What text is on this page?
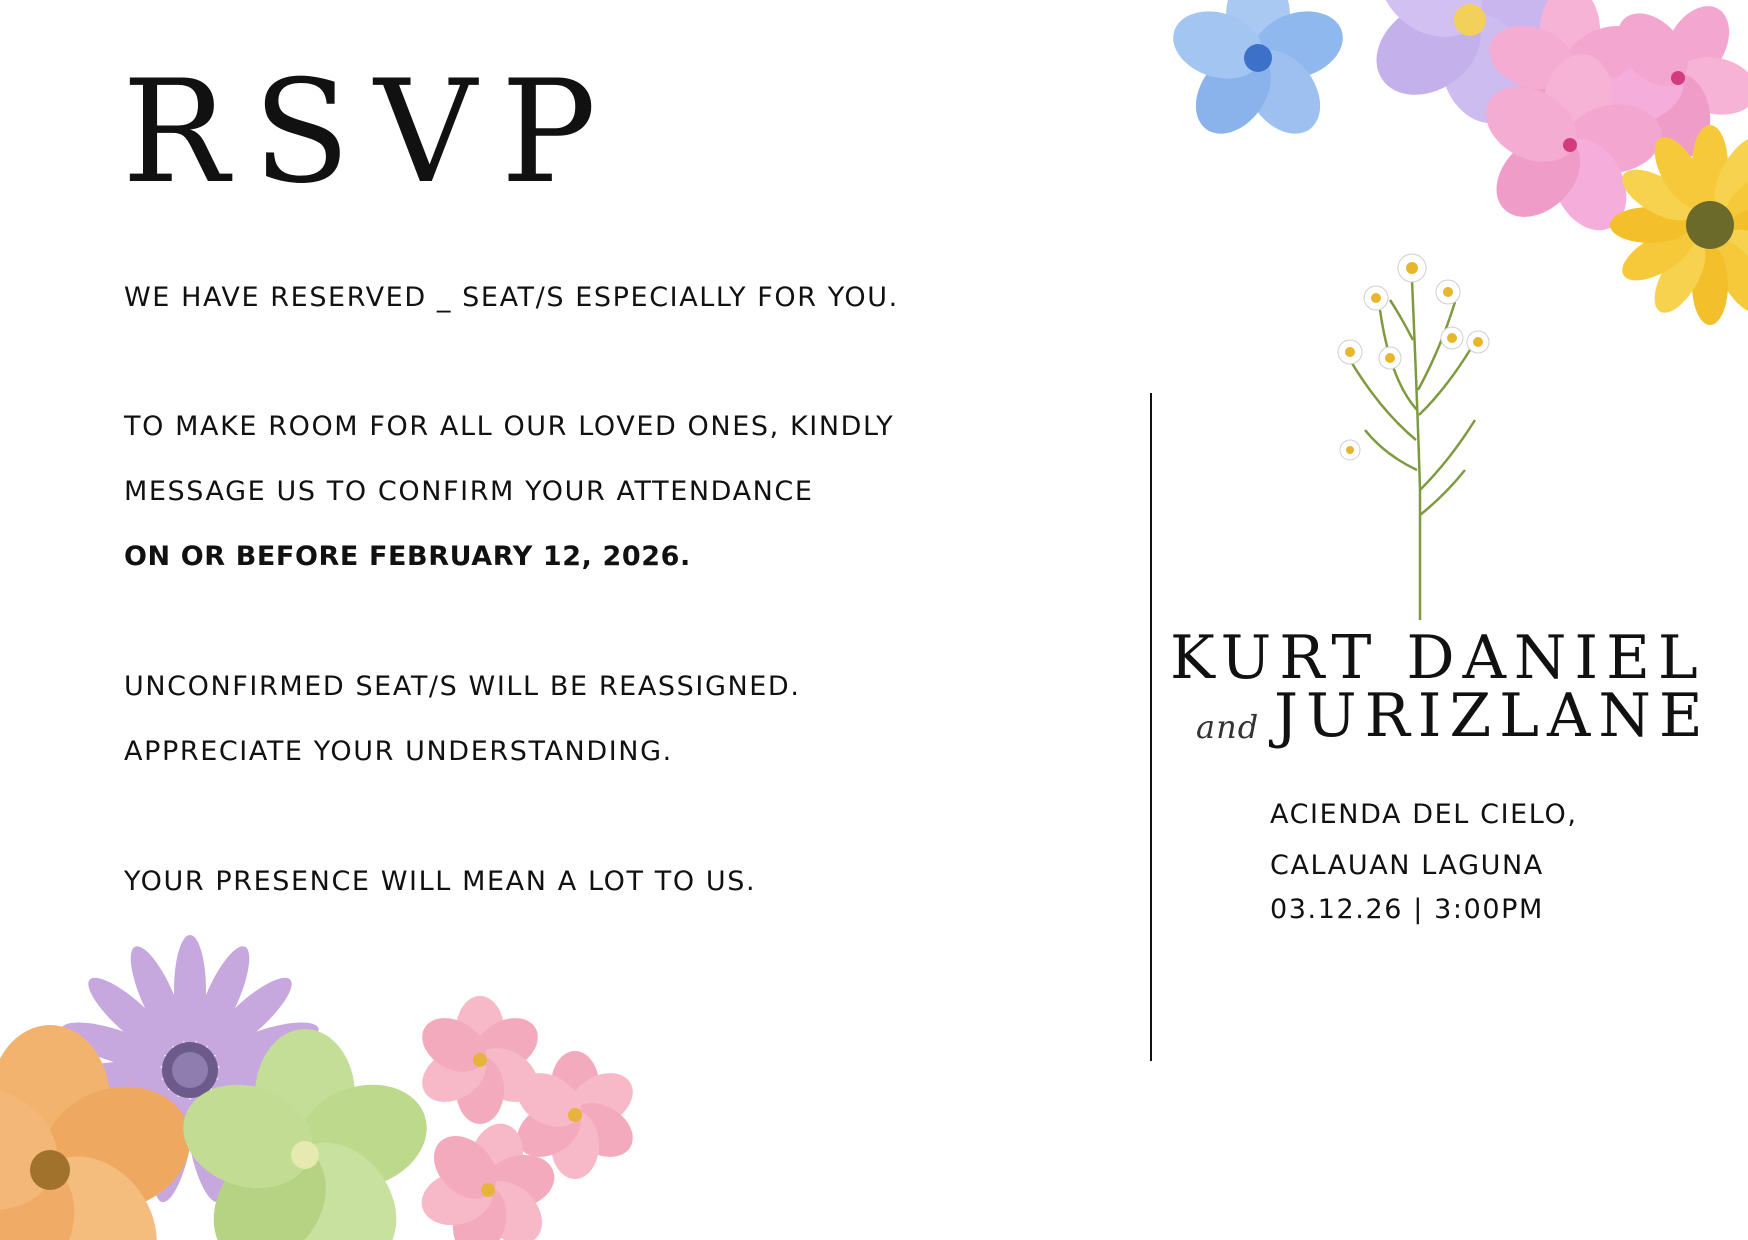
RSVP
WE HAVE RESERVED _ SEAT/S ESPECIALLY FOR YOU.
TO MAKE ROOM FOR ALL OUR LOVED ONES, KINDLY
MESSAGE US TO CONFIRM YOUR ATTENDANCE
ON OR BEFORE FEBRUARY 12, 2026.
UNCONFIRMED SEAT/S WILL BE REASSIGNED.
APPRECIATE YOUR UNDERSTANDING.
YOUR PRESENCE WILL MEAN A LOT TO US.
KURT DANIEL
and JURIZLANE
ACIENDA DEL CIELO,
CALAUAN LAGUNA
03.12.26 | 3:00PM
